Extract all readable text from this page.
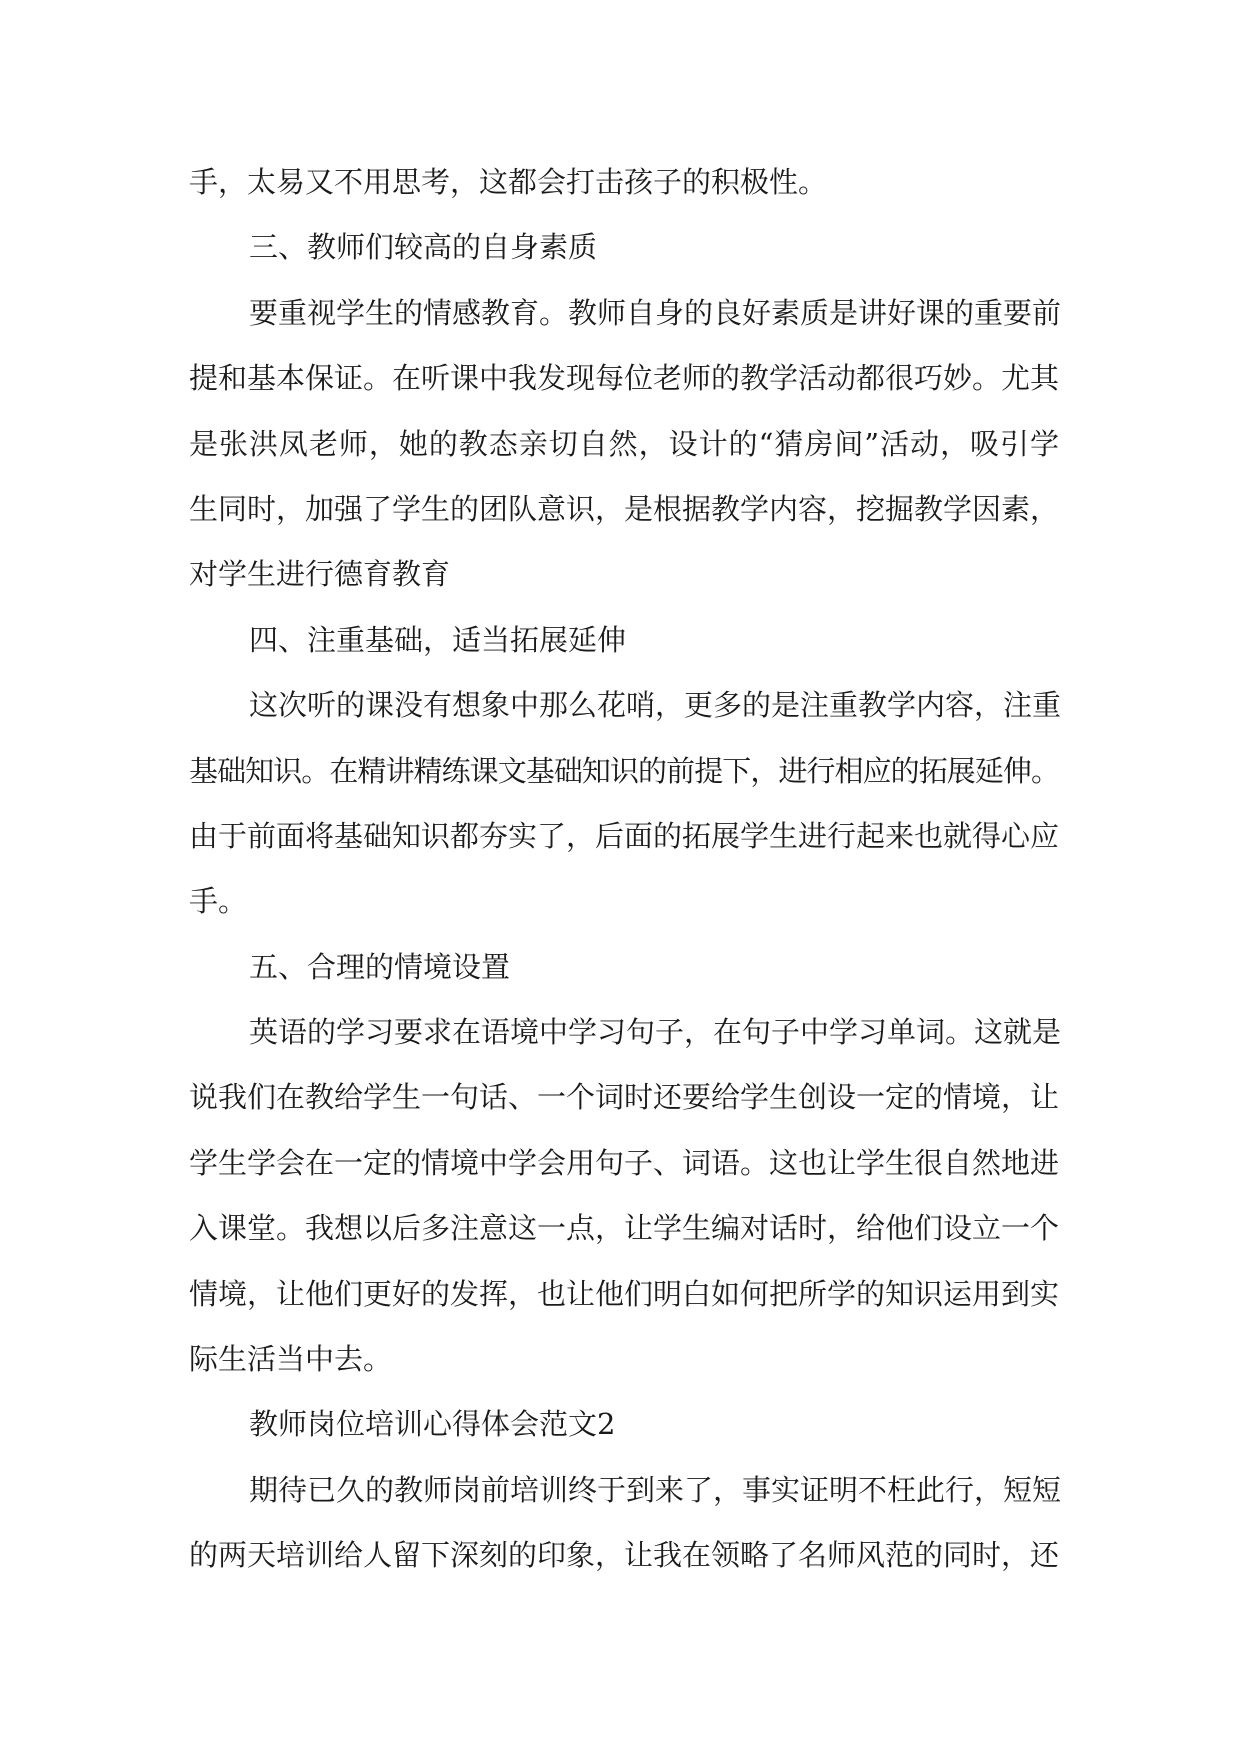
手，太易又不用思考，这都会打击孩子的积极性。
三、教师们较高的自身素质
要重视学生的情感教育。教师自身的良好素质是讲好课的重要前
提和基本保证。在听课中我发现每位老师的教学活动都很巧妙。尤其
是张洪凤老师，她的教态亲切自然，设计的“猜房间”活动，吸引学
生同时，加强了学生的团队意识，是根据教学内容，挖掘教学因素，
对学生进行德育教育
四、注重基础，适当拓展延伸
这次听的课没有想象中那么花哨，更多的是注重教学内容，注重
基础知识。在精讲精练课文基础知识的前提下，进行相应的拓展延伸。
由于前面将基础知识都夯实了，后面的拓展学生进行起来也就得心应
手。
五、合理的情境设置
英语的学习要求在语境中学习句子，在句子中学习单词。这就是
说我们在教给学生一句话、一个词时还要给学生创设一定的情境，让
学生学会在一定的情境中学会用句子、词语。这也让学生很自然地进
入课堂。我想以后多注意这一点，让学生编对话时，给他们设立一个
情境，让他们更好的发挥，也让他们明白如何把所学的知识运用到实
际生活当中去。
教师岗位培训心得体会范文2
期待已久的教师岗前培训终于到来了，事实证明不枉此行，短短
的两天培训给人留下深刻的印象，让我在领略了名师风范的同时，还
